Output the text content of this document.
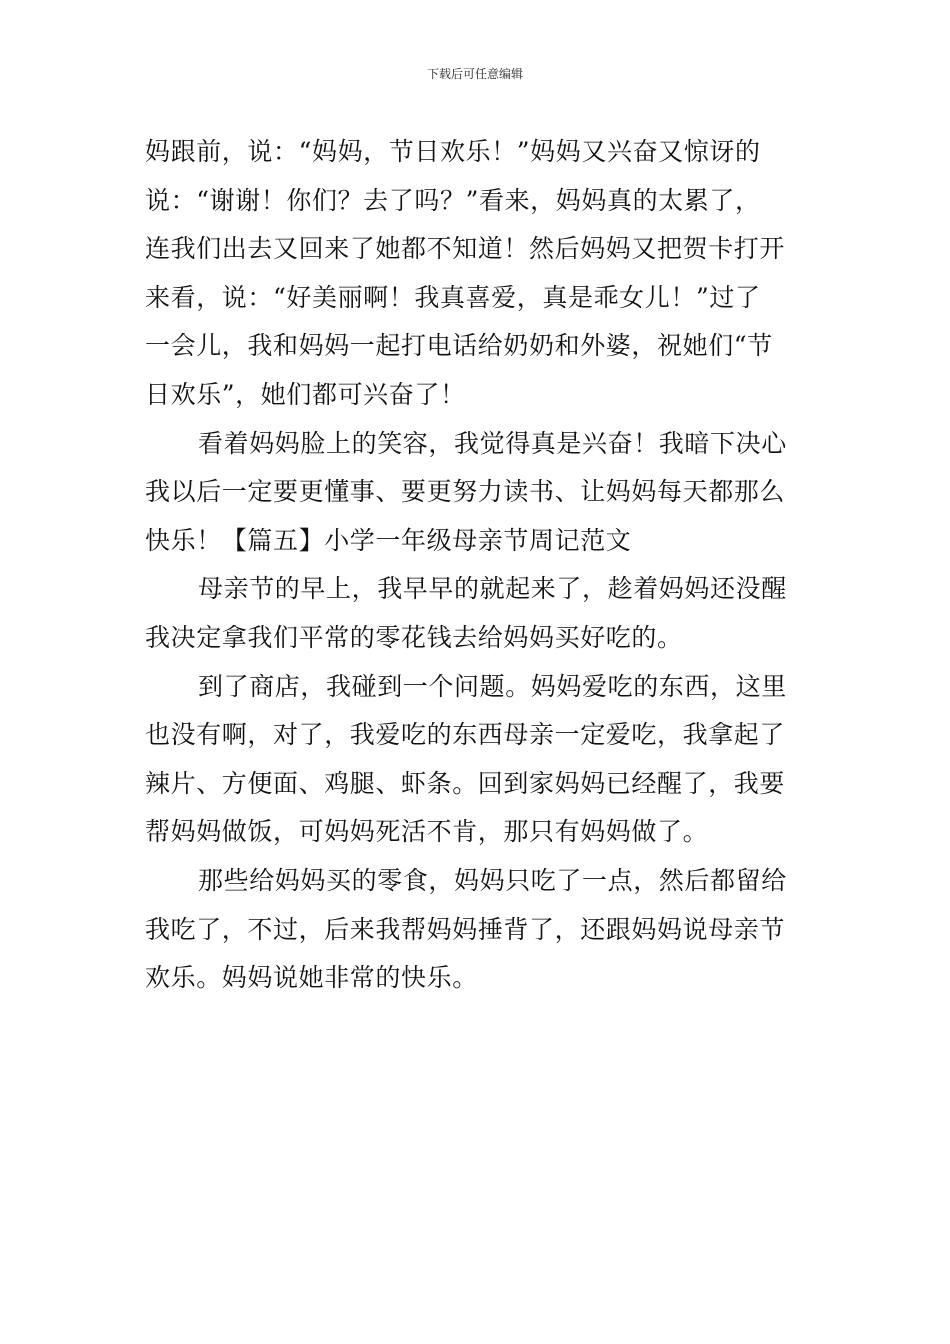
下载后可任意编辑
妈跟前，说：“妈妈，节日欢乐！”妈妈又兴奋又惊讶的
说：“谢谢！你们？去了吗？”看来，妈妈真的太累了，
连我们出去又回来了她都不知道！然后妈妈又把贺卡打开
来看，说：“好美丽啊！我真喜爱，真是乖女儿！”过了
一会儿，我和妈妈一起打电话给奶奶和外婆，祝她们“节
日欢乐”，她们都可兴奋了！
看着妈妈脸上的笑容，我觉得真是兴奋！我暗下决心
我以后一定要更懂事、要更努力读书、让妈妈每天都那么
快乐！【篇五】小学一年级母亲节周记范文
母亲节的早上，我早早的就起来了，趁着妈妈还没醒
我决定拿我们平常的零花钱去给妈妈买好吃的。
到了商店，我碰到一个问题。妈妈爱吃的东西，这里
也没有啊，对了，我爱吃的东西母亲一定爱吃，我拿起了
辣片、方便面、鸡腿、虾条。回到家妈妈已经醒了，我要
帮妈妈做饭，可妈妈死活不肯，那只有妈妈做了。
那些给妈妈买的零食，妈妈只吃了一点，然后都留给
我吃了，不过，后来我帮妈妈捶背了，还跟妈妈说母亲节
欢乐。妈妈说她非常的快乐。
